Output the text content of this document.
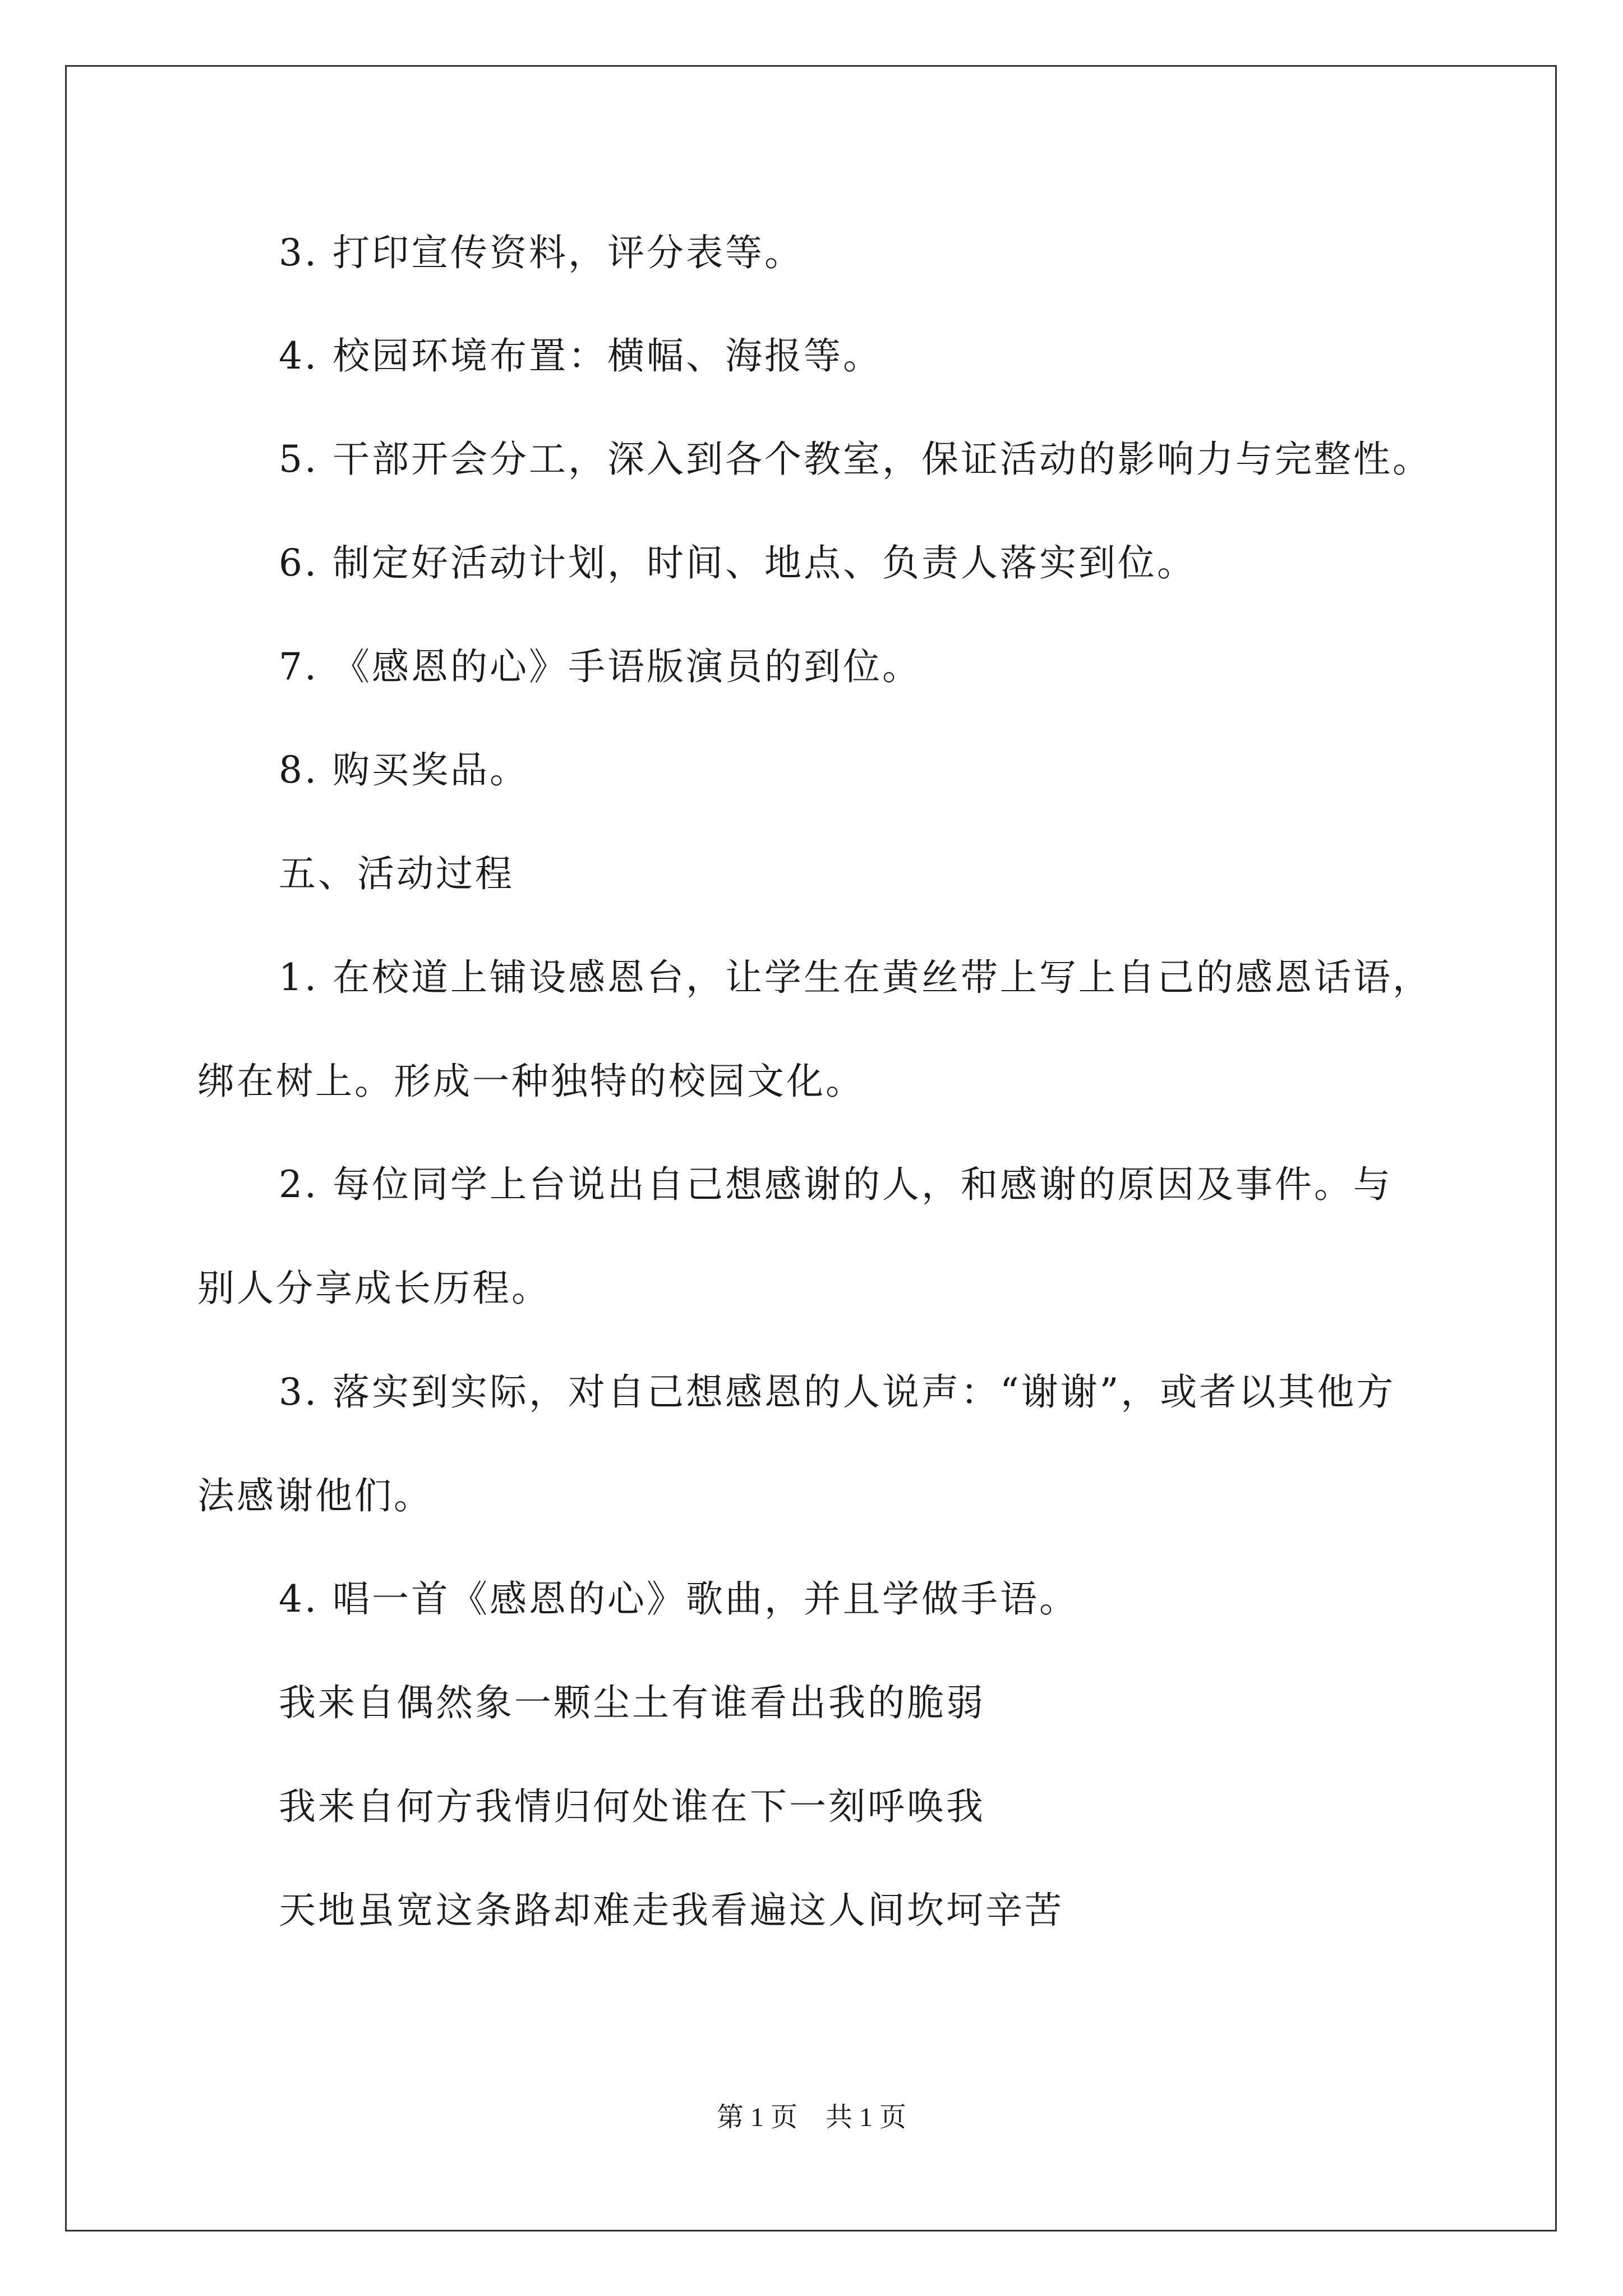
3. 打印宣传资料，评分表等。
4. 校园环境布置：横幅、海报等。
5. 干部开会分工，深入到各个教室，保证活动的影响力与完整性。
6. 制定好活动计划，时间、地点、负责人落实到位。
7. 《感恩的心》手语版演员的到位。
8. 购买奖品。
五、活动过程
1. 在校道上铺设感恩台，让学生在黄丝带上写上自己的感恩话语，
绑在树上。形成一种独特的校园文化。
2. 每位同学上台说出自己想感谢的人，和感谢的原因及事件。与
别人分享成长历程。
3. 落实到实际，对自己想感恩的人说声：“谢谢”，或者以其他方
法感谢他们。
4. 唱一首《感恩的心》歌曲，并且学做手语。
我来自偶然象一颗尘土有谁看出我的脆弱
我来自何方我情归何处谁在下一刻呼唤我
天地虽宽这条路却难走我看遍这人间坎坷辛苦
第 1 页 共 1 页
